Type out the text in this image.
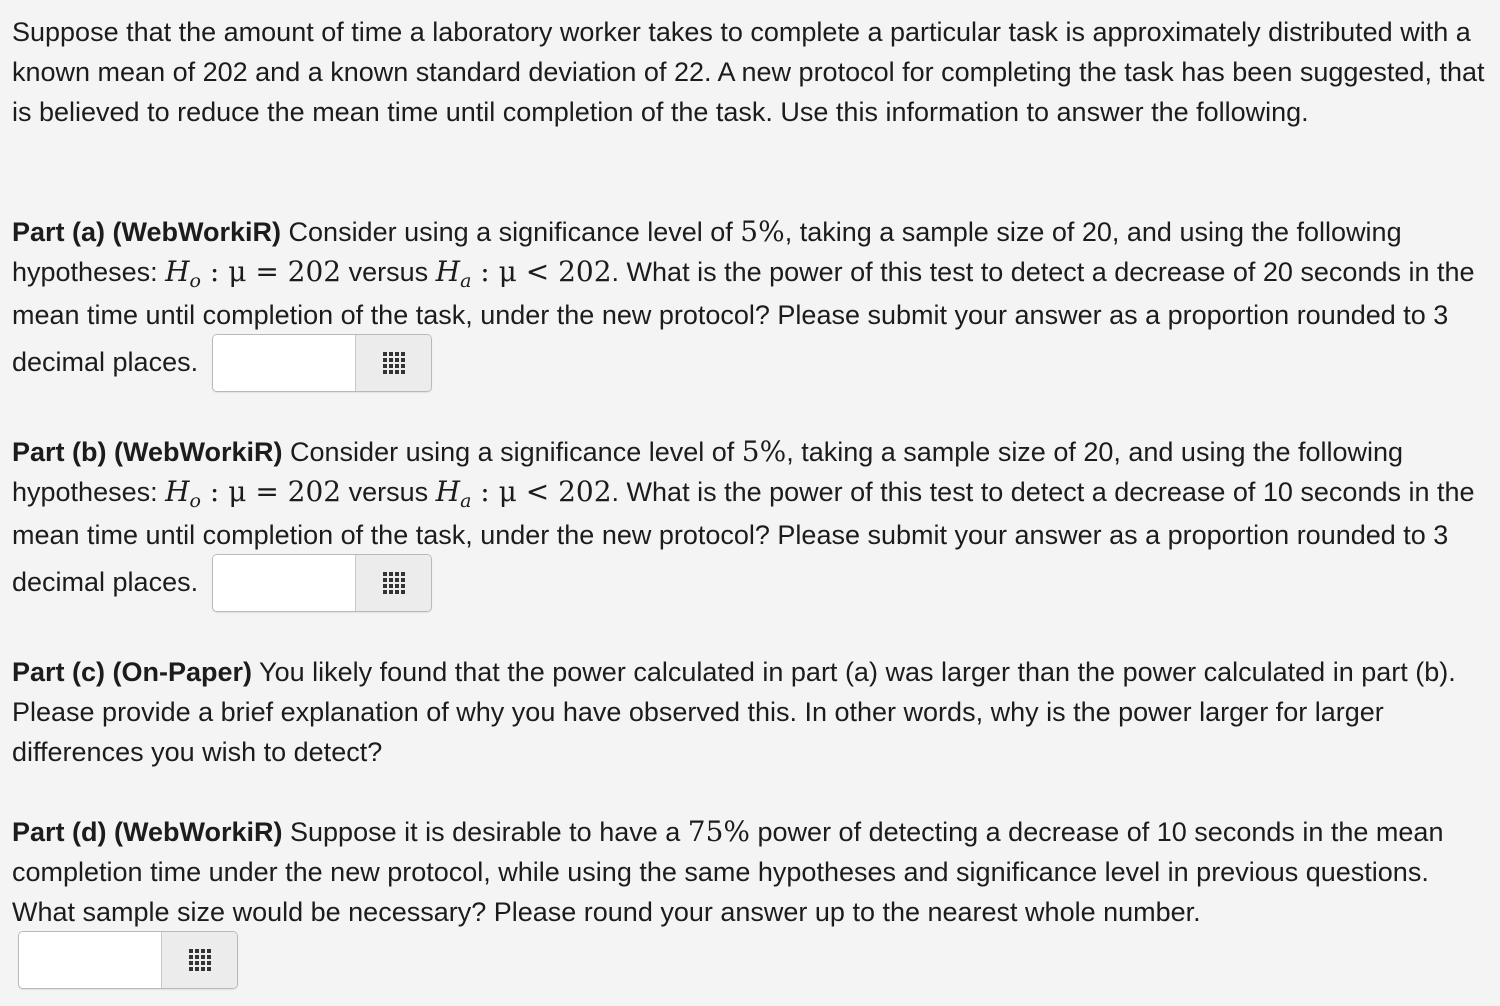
Suppose that the amount of time a laboratory worker takes to complete a particular task is approximately distributed with a known mean of 202 and a known standard deviation of 22. A new protocol for completing the task has been suggested, that is believed to reduce the mean time until completion of the task. Use this information to answer the following.

Part (a) (WebWorkiR) Consider using a significance level of 5%, taking a sample size of 20, and using the following hypotheses: $H_o$ : μ = 202 versus $H_a$ : μ < 202. What is the power of this test to detect a decrease of 20 seconds in the mean time until completion of the task, under the new protocol? Please submit your answer as a proportion rounded to 3 decimal places.

Part (b) (WebWorkiR) Consider using a significance level of 5%, taking a sample size of 20, and using the following hypotheses: $H_o$ : μ = 202 versus $H_a$ : μ < 202. What is the power of this test to detect a decrease of 10 seconds in the mean time until completion of the task, under the new protocol? Please submit your answer as a proportion rounded to 3 decimal places.

Part (c) (On-Paper) You likely found that the power calculated in part (a) was larger than the power calculated in part (b). Please provide a brief explanation of why you have observed this. In other words, why is the power larger for larger differences you wish to detect?

Part (d) (WebWorkiR) Suppose it is desirable to have a 75% power of detecting a decrease of 10 seconds in the mean completion time under the new protocol, while using the same hypotheses and significance level in previous questions. What sample size would be necessary? Please round your answer up to the nearest whole number.
